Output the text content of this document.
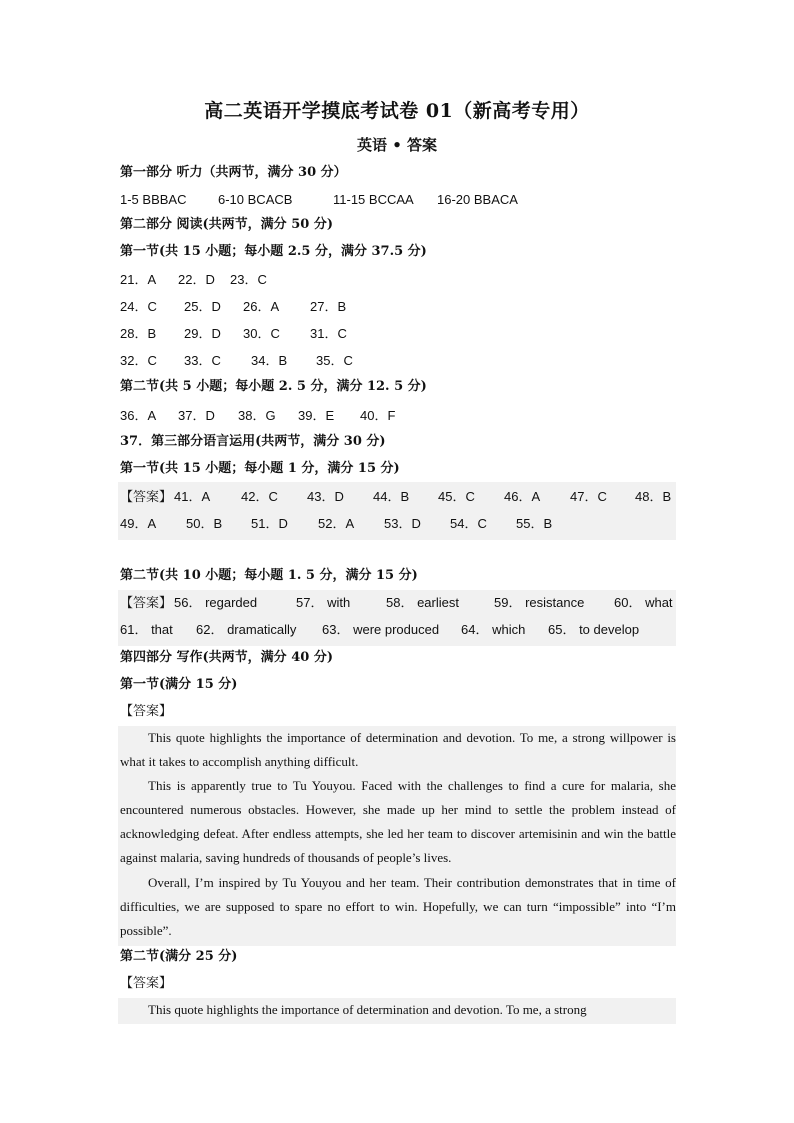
高二英语开学摸底考试卷 01（新高考专用）
英语 • 答案
第一部分 听力（共两节，满分 30 分）
1-5 BBBAC 6-10 BCACB	11-15 BCCAA 16-20 BBACA
第二部分 阅读(共两节，满分 50 分)
第一节(共 15 小题；每小题 2.5 分，满分 37.5 分)
21．A 22．D 23．C
24．C 25．D 26．A 27．B
28．B 29．D 30．C 31．C
32．C 33．C 34．B 35．C
第二节(共 5 小题；每小题 2. 5 分，满分 12. 5 分)
36．A 37．D 38．G 39．E 40．F
37．第三部分语言运用(共两节，满分 30 分)
第一节(共 15 小题；每小题 1 分，满分 15 分)
【答案】 41．A 42．C 43．D 44．B 45．C 46．A 47．C 48．B
49．A 50．B 51．D 52．A 53．D 54．C 55．B
第二节(共 10 小题；每小题 1. 5 分，满分 15 分)
【答案】 56． regarded	57． with	58． earliest	59． resistance 60． what
61． that 62． dramatically 63． were produced 64． which 65． to develop
第四部分 写作(共两节，满分 40 分)
第一节(满分 15 分)
【答案】
This quote highlights the importance of determination and devotion. To me, a strong willpower is what it takes to accomplish anything difficult.
This is apparently true to Tu Youyou. Faced with the challenges to find a cure for malaria, she encountered numerous obstacles. However, she made up her mind to settle the problem instead of acknowledging defeat. After endless attempts, she led her team to discover artemisinin and win the battle against malaria, saving hundreds of thousands of people’s lives.
Overall, I’m inspired by Tu Youyou and her team. Their contribution demonstrates that in time of difficulties, we are supposed to spare no effort to win. Hopefully, we can turn “impossible” into “I’m possible”.
第二节(满分 25 分)
【答案】
This quote highlights the importance of determination and devotion. To me, a strong
